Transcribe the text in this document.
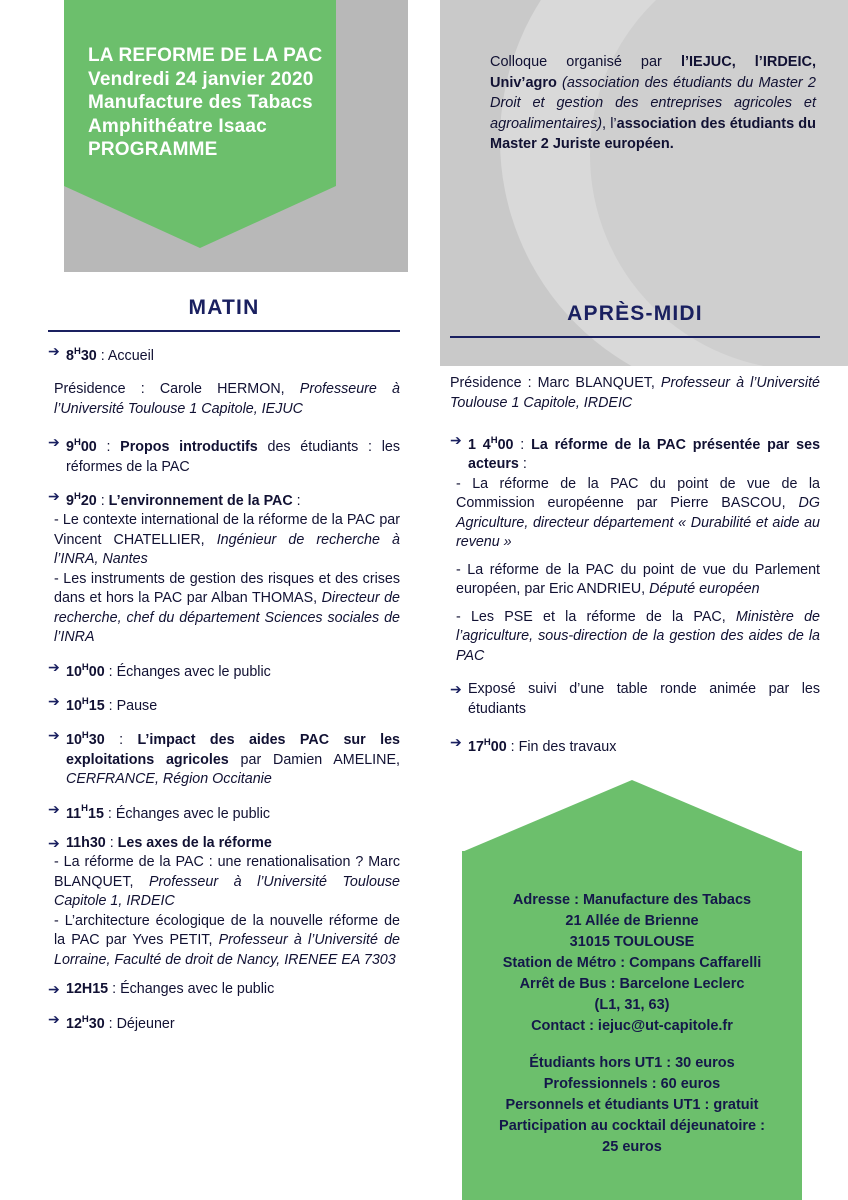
LA REFORME DE LA PAC
Vendredi 24 janvier 2020
Manufacture des Tabacs
Amphithéatre Isaac
PROGRAMME
Colloque organisé par l’IEJUC, l’IRDEIC, Univ’agro (association des étudiants du Master 2 Droit et gestion des entreprises agricoles et agroalimentaires), l’association des étudiants du Master 2 Juriste européen.
MATIN	APRÈS-MIDI
➔ $8^H30$ : Accueil
Présidence : Carole HERMON, Professeure à l’Université Toulouse 1 Capitole, IEJUC
➔ $9^H00$ : Propos introductifs des étudiants : les réformes de la PAC
➔ $9^H20$ : L’environnement de la PAC :
- Le contexte international de la réforme de la PAC par Vincent CHATELLIER, Ingénieur de recherche à l’INRA, Nantes
- Les instruments de gestion des risques et des crises dans et hors la PAC par Alban THOMAS, Directeur de recherche, chef du département Sciences sociales de l’INRA
➔ $10^H00$ : Échanges avec le public
➔ $10^H15$ : Pause
➔ $10^H30$ : L’impact des aides PAC sur les exploitations agricoles par Damien AMELINE, CERFRANCE, Région Occitanie
➔ $11^H15$ : Échanges avec le public
➔ 11h30 : Les axes de la réforme
- La réforme de la PAC : une renationalisation ? Marc BLANQUET, Professeur à l’Université Toulouse Capitole 1, IRDEIC
- L’architecture écologique de la nouvelle réforme de la PAC par Yves PETIT, Professeur à l’Université de Lorraine, Faculté de droit de Nancy, IRENEE EA 7303
➔ 12H15 : Échanges avec le public
➔ $12^H30$ : Déjeuner
Présidence : Marc BLANQUET, Professeur à l’Université Toulouse 1 Capitole, IRDEIC
➔ 1 $4^H00$ : La réforme de la PAC présentée par ses acteurs :
- La réforme de la PAC du point de vue de la Commission européenne par Pierre BASCOU, DG Agriculture, directeur département « Durabilité et aide au revenu »
- La réforme de la PAC du point de vue du Parlement européen, par Eric ANDRIEU, Député européen
- Les PSE et la réforme de la PAC, Ministère de l’agriculture, sous-direction de la gestion des aides de la PAC
➔ Exposé suivi d’une table ronde animée par les étudiants
➔ $17^H00$ : Fin des travaux
Adresse : Manufacture des Tabacs
21 Allée de Brienne
31015 TOULOUSE
Station de Métro : Compans Caffarelli
Arrêt de Bus : Barcelone Leclerc
(L1, 31, 63)
Contact : iejuc@ut-capitole.fr
Étudiants hors UT1 : 30 euros
Professionnels : 60 euros
Personnels et étudiants UT1 : gratuit
Participation au cocktail déjeunatoire :
25 euros
